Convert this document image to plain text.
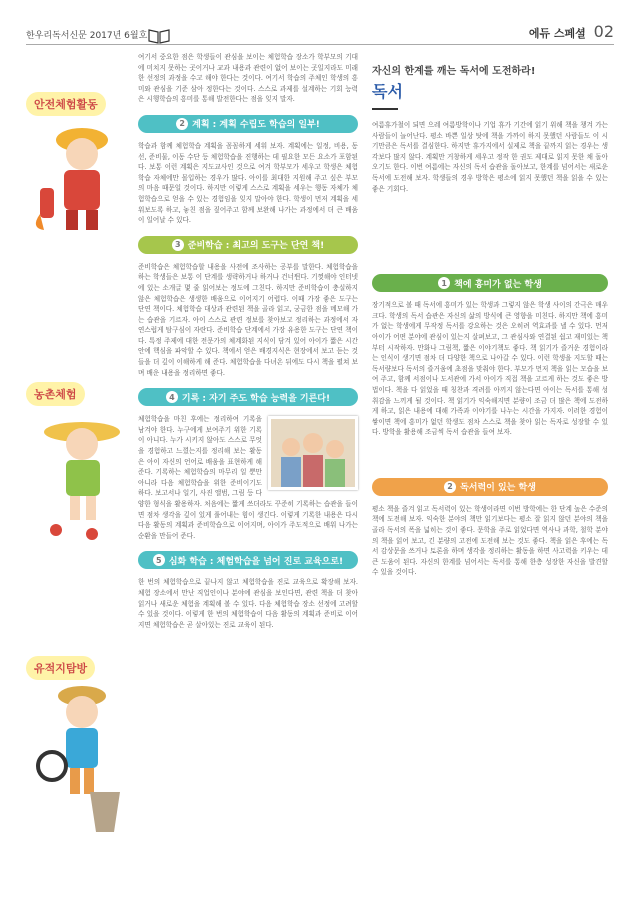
한우리독서신문 2017년 6월호	에듀 스페셜 02
안전체험활동
농촌체험
유적지탐방

여기서 중요한 점은 학생들이 관심을 보이는 체험학습 장소가 학부모의 기대에 미치지 못하는 곳이거나 교과 내용과 관련이 없어 보이는 곳일지라도 미래한 선정의 과정을 수고 해야 한다는 것이다. 여기서 학습의 주체인 학생의 흥미와 관심을 기준 삼아 정한다는 것이다. 스스로 과제를 설계하는 기회 능력은 시행학습의 흥미를 통해 발전한다는 점을 잊지 말자.

2 계획 : 계획 수립도 학습의 일부!

학습과 함께 체험학습 계획을 꼼꼼하게 세워 보자. 계획에는 일정, 비용, 동선, 준비물, 이동 수단 등 체험학습을 진행하는 데 필요한 모든 요소가 포함된다. 보통 이런 계획은 지도교사인 것으로 여겨 학부모가 세우고 학생은 체험학습 자체에만 몰입하는 경우가 많다. 아이를 최대한 지원해 주고 싶은 부모의 마음 때문일 것이다. 하지만 이렇게 스스로 계획을 세우는 행동 자체가 체험학습으로 얻을 수 있는 경험임을 잊지 말아야 한다. 학생이 먼저 계획을 세워보도록 하고, 놓친 점을 짚어주고 함께 보완해 나가는 과정에서 더 큰 배움이 일어날 수 있다.

3 준비학습 : 최고의 도구는 단연 책!

준비학습은 체험학습할 내용을 사전에 조사하는 공부를 말한다. 체험학습을 하는 학생들은 보통 이 단계를 생략하거나 하거나 건너뛴다. 기껏해야 인터넷에 있는 소개글 몇 줄 읽어보는 정도에 그친다. 하지만 준비학습이 충실하지 않은 체험학습은 생생한 배움으로 이어지기 어렵다. 이때 가장 좋은 도구는 단연 책이다. 체험학습 대상과 관련된 책을 골라 읽고, 궁금한 점을 메모해 가는 습관을 기르자. 아이 스스로 관련 정보를 찾아보고 정리하는 과정에서 자연스럽게 탐구심이 자란다. 준비학습 단계에서 가장 유용한 도구는 단연 책이다. 특정 주제에 대한 전문가의 체계화된 지식이 담겨 있어 아이가 짧은 시간 안에 핵심을 파악할 수 있다. 책에서 얻은 배경지식은 현장에서 보고 듣는 것들을 더 깊이 이해하게 해 준다. 체험학습을 다녀온 뒤에도 다시 책을 펼쳐 보며 배운 내용을 정리하면 좋다.

4 기록 : 자기 주도 학습 능력을 기른다!

체험학습을 마친 후에는 정리하여 기록을 남겨야 한다. 누구에게 보여주기 위한 기록이 아니다. 누가 시키지 않아도 스스로 무엇을 경험하고 느꼈는지를 정리해 보는 활동은 아이 자신의 언어로 배움을 표현하게 해준다. 기록하는 체험학습의 마무리 일 뿐만 아니라 다음 체험학습을 위한 준비이기도 하다. 보고서나 일기, 사진 앨범, 그림 등 다양한 형식을 활용하자. 처음에는 짧게 쓰더라도 꾸준히 기록하는 습관을 들이면 점차 생각을 깊이 있게 풀어내는 힘이 생긴다. 이렇게 기록한 내용은 다시 다음 활동의 계획과 준비학습으로 이어지며, 아이가 주도적으로 배워 나가는 순환을 만들어 준다.

5 심화 학습 : 체험학습을 넘어 진로 교육으로!

한 번의 체험학습으로 끝나지 않고 체험학습을 진로 교육으로 확장해 보자. 체험 장소에서 만난 직업인이나 분야에 관심을 보인다면, 관련 책을 더 찾아 읽거나 새로운 체험을 계획해 볼 수 있다. 다음 체험학습 장소 선정에 고려할 수 있을 것이다. 이렇게 한 번의 체험학습이 다음 활동의 계획과 준비로 이어지면 체험학습은 곧 살아있는 진로 교육이 된다.

자신의 한계를 깨는 독서에 도전하라!
독서

여름휴가철이 되면 으레 여름방학이나 기업 휴가 기간에 읽기 위해 책을 챙겨 가는 사람들이 늘어난다. 평소 바쁜 일상 탓에 책을 가까이 하지 못했던 사람들도 이 시기만큼은 독서를 결심한다. 하지만 휴가지에서 실제로 책을 끝까지 읽는 경우는 생각보다 많지 않다. 계획만 거창하게 세우고 정작 한 권도 제대로 읽지 못한 채 돌아오기도 한다. 이번 여름에는 자신의 독서 습관을 돌아보고, 한계를 넘어서는 새로운 독서에 도전해 보자. 학생들의 경우 방학은 평소에 읽지 못했던 책을 읽을 수 있는 좋은 기회다.

1 책에 흥미가 없는 학생

장기적으로 볼 때 독서에 흥미가 있는 학생과 그렇지 않은 학생 사이의 간극은 매우 크다. 학생의 독서 습관은 자신의 삶의 방식에 큰 영향을 미친다. 하지만 책에 흥미가 없는 학생에게 무작정 독서를 강요하는 것은 오히려 역효과를 낼 수 있다. 먼저 아이가 어떤 분야에 관심이 있는지 살펴보고, 그 관심사와 연결된 쉽고 재미있는 책부터 시작하자. 만화나 그림책, 짧은 이야기책도 좋다. 책 읽기가 즐거운 경험이라는 인식이 생기면 점차 더 다양한 책으로 나아갈 수 있다. 이런 학생을 지도할 때는 독서량보다 독서의 즐거움에 초점을 맞춰야 한다. 부모가 먼저 책을 읽는 모습을 보여 주고, 함께 서점이나 도서관에 가서 아이가 직접 책을 고르게 하는 것도 좋은 방법이다. 책을 다 읽었을 때 칭찬과 격려를 아끼지 않는다면 아이는 독서를 통해 성취감을 느끼게 될 것이다. 책 읽기가 익숙해지면 분량이 조금 더 많은 책에 도전하게 하고, 읽은 내용에 대해 가족과 이야기를 나누는 시간을 가지자. 이러한 경험이 쌓이면 책에 흥미가 없던 학생도 점차 스스로 책을 찾아 읽는 독자로 성장할 수 있다. 방학을 활용해 조금씩 독서 습관을 들여 보자.

2 독서력이 있는 학생

평소 책을 즐겨 읽고 독서력이 있는 학생이라면 이번 방학에는 한 단계 높은 수준의 책에 도전해 보자. 익숙한 분야의 책만 읽기보다는 평소 잘 읽지 않던 분야의 책을 골라 독서의 폭을 넓히는 것이 좋다. 문학을 주로 읽었다면 역사나 과학, 철학 분야의 책을 읽어 보고, 긴 분량의 고전에 도전해 보는 것도 좋다. 책을 읽은 후에는 독서 감상문을 쓰거나 토론을 하며 생각을 정리하는 활동을 하면 사고력을 키우는 데 큰 도움이 된다. 자신의 한계를 넘어서는 독서를 통해 한층 성장한 자신을 발견할 수 있을 것이다.
